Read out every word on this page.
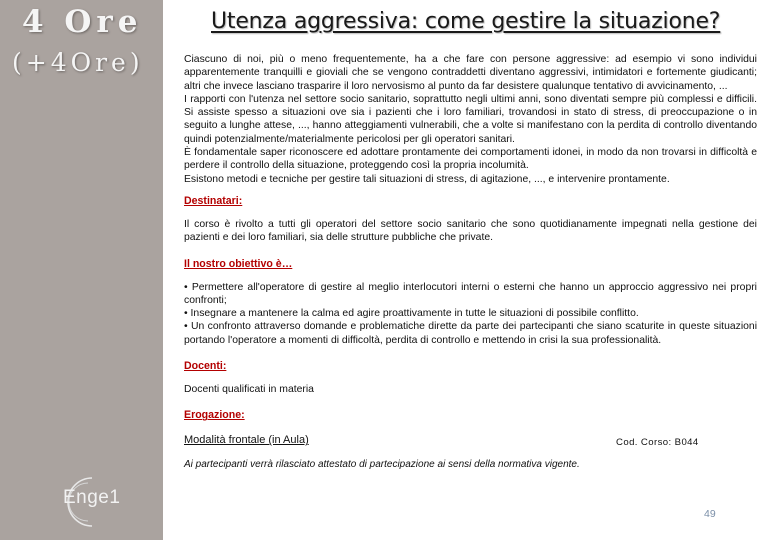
4 Ore
(+4Ore)
Enge1
Utenza aggressiva: come gestire la situazione?

Ciascuno di noi, più o meno frequentemente, ha a che fare con persone aggressive: ad esempio vi sono individui apparentemente tranquilli e gioviali che se vengono contraddetti diventano aggressivi, intimidatori e fortemente giudicanti; altri che invece lasciano trasparire il loro nervosismo al punto da far desistere qualunque tentativo di avvicinamento, ...

I rapporti con l'utenza nel settore socio sanitario, soprattutto negli ultimi anni, sono diventati sempre più complessi e difficili. Si assiste spesso a situazioni ove sia i pazienti che i loro familiari, trovandosi in stato di stress, di preoccupazione o in seguito a lunghe attese, ..., hanno atteggiamenti vulnerabili, che a volte si manifestano con la perdita di controllo diventando quindi potenzialmente/materialmente pericolosi per gli operatori sanitari.

È fondamentale saper riconoscere ed adottare prontamente dei comportamenti idonei, in modo da non trovarsi in difficoltà e perdere il controllo della situazione, proteggendo così la propria incolumità.

Esistono metodi e tecniche per gestire tali situazioni di stress, di agitazione, ..., e intervenire prontamente.

Destinatari:

Il corso è rivolto a tutti gli operatori del settore socio sanitario che sono quotidianamente impegnati nella gestione dei pazienti e dei loro familiari, sia delle strutture pubbliche che private.

Il nostro obiettivo è…

• Permettere all'operatore di gestire al meglio interlocutori interni o esterni che hanno un approccio aggressivo nei propri confronti;

• Insegnare a mantenere la calma ed agire proattivamente in tutte le situazioni di possibile conflitto.

• Un confronto attraverso domande e problematiche dirette da parte dei partecipanti che siano scaturite in queste situazioni portando l'operatore a momenti di difficoltà, perdita di controllo e mettendo in crisi la sua professionalità.

Docenti:

Docenti qualificati in materia

Erogazione:
Modalità frontale (in Aula)	Cod. Corso: B044
Ai partecipanti verrà rilasciato attestato di partecipazione ai sensi della normativa vigente.
49
